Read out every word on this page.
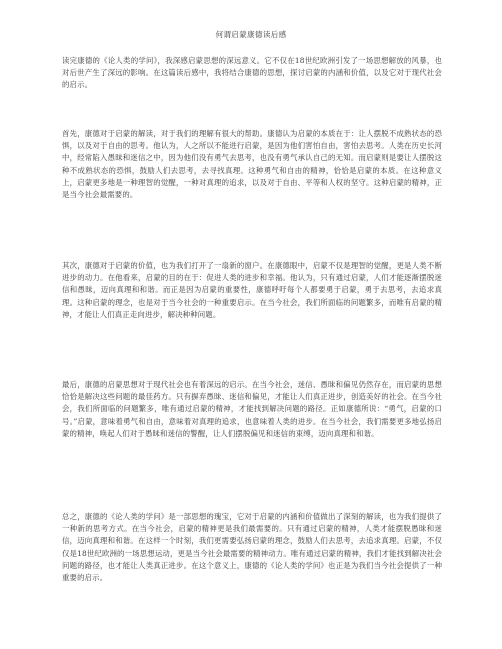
何谓启蒙康德读后感

读完康德的《论人类的学问》，我深感启蒙思想的深远意义。它不仅在18世纪欧洲引发了一场思想解放的风暴，也对后世产生了深远的影响。在这篇读后感中，我将结合康德的思想，探讨启蒙的内涵和价值，以及它对于现代社会的启示。

首先，康德对于启蒙的解读，对于我们的理解有很大的帮助。康德认为启蒙的本质在于：让人摆脱不成熟状态的恐惧，以及对于自由的思考。他认为，人之所以不能进行启蒙，是因为他们害怕自由，害怕去思考。人类在历史长河中，经常陷入愚昧和迷信之中，因为他们没有勇气去思考，也没有勇气承认自己的无知。而启蒙则是要让人摆脱这种不成熟状态的恐惧，鼓励人们去思考，去寻找真理。这种勇气和自由的精神，恰恰是启蒙的本质。在这种意义上，启蒙更多地是一种理智的觉醒，一种对真理的追求，以及对于自由、平等和人权的坚守。这种启蒙的精神，正是当今社会最需要的。

其次，康德对于启蒙的价值，也为我们打开了一扇新的窗户。在康德眼中，启蒙不仅是理智的觉醒，更是人类不断进步的动力。在他看来，启蒙的目的在于：促进人类的进步和幸福。他认为，只有通过启蒙，人们才能逐渐摆脱迷信和愚昧，迈向真理和和谐。而正是因为启蒙的重要性，康德呼吁每个人都要勇于启蒙，勇于去思考，去追求真理。这种启蒙的理念，也是对于当今社会的一种重要启示。在当今社会，我们所面临的问题繁多，而唯有启蒙的精神，才能让人们真正走向进步，解决种种问题。

最后，康德的启蒙思想对于现代社会也有着深远的启示。在当今社会，迷信、愚昧和偏见仍然存在，而启蒙的思想恰恰是解决这些问题的最佳药方。只有摒弃愚昧、迷信和偏见，才能让人们真正进步，创造美好的社会。在当今社会，我们所面临的问题繁多，唯有通过启蒙的精神，才能找到解决问题的路径。正如康德所说：“勇气，启蒙的口号。”启蒙，意味着勇气和自由，意味着对真理的追求，也意味着人类的进步。在当今社会，我们需要更多地弘扬启蒙的精神，唤起人们对于愚昧和迷信的警醒，让人们摆脱偏见和迷信的束缚，迈向真理和和谐。

总之，康德的《论人类的学问》是一部思想的瑰宝，它对于启蒙的内涵和价值做出了深刻的解读，也为我们提供了一种新的思考方式。在当今社会，启蒙的精神更是我们最需要的。只有通过启蒙的精神，人类才能摆脱愚昧和迷信，迈向真理和和谐。在这样一个时刻，我们更需要弘扬启蒙的理念，鼓励人们去思考，去追求真理。启蒙，不仅仅是18世纪欧洲的一场思想运动，更是当今社会最需要的精神动力。唯有通过启蒙的精神，我们才能找到解决社会问题的路径，也才能让人类真正进步。在这个意义上，康德的《论人类的学问》也正是为我们当今社会提供了一种重要的启示。
